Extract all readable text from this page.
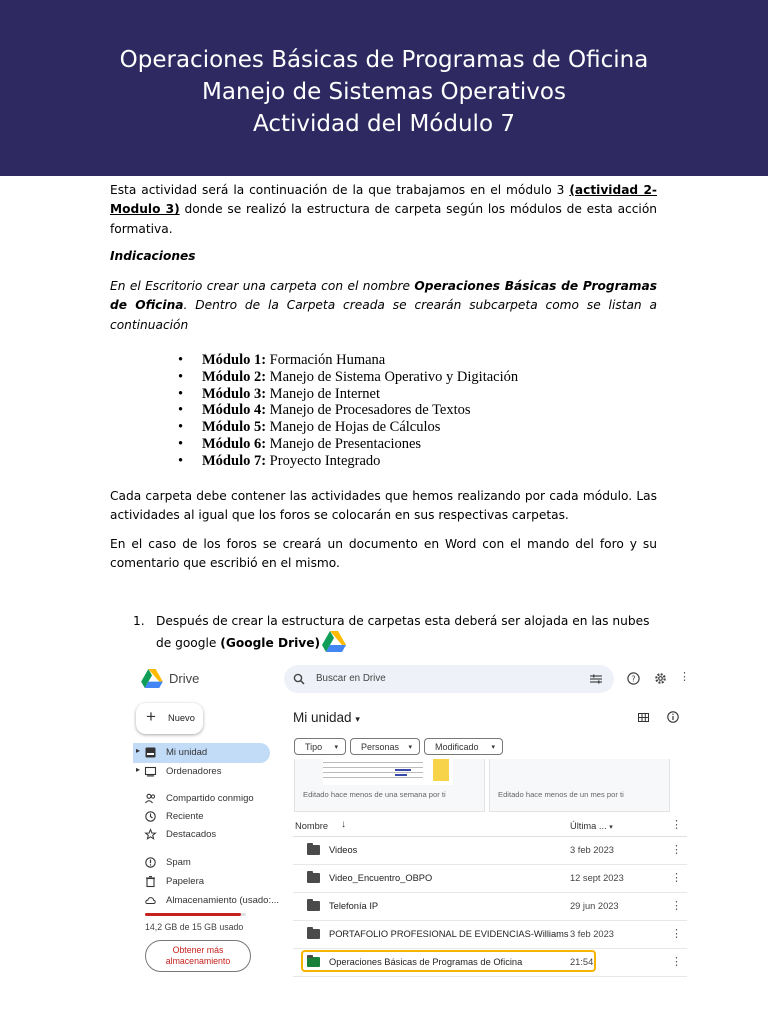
Operaciones Básicas de Programas de Oficina
Manejo de Sistemas Operativos
Actividad del Módulo 7
Esta actividad será la continuación de la que trabajamos en el módulo 3 (actividad 2-Modulo 3) donde se realizó la estructura de carpeta según los módulos de esta acción formativa.
Indicaciones
En el Escritorio crear una carpeta con el nombre Operaciones Básicas de Programas de Oficina. Dentro de la Carpeta creada se crearán subcarpeta como se listan a continuación
• Módulo 1: Formación Humana
• Módulo 2: Manejo de Sistema Operativo y Digitación
• Módulo 3: Manejo de Internet
• Módulo 4: Manejo de Procesadores de Textos
• Módulo 5: Manejo de Hojas de Cálculos
• Módulo 6: Manejo de Presentaciones
• Módulo 7: Proyecto Integrado
Cada carpeta debe contener las actividades que hemos realizando por cada módulo. Las actividades al igual que los foros se colocarán en sus respectivas carpetas.
En el caso de los foros se creará un documento en Word con el mando del foro y su comentario que escribió en el mismo.
1. Después de crear la estructura de carpetas esta deberá ser alojada en las nubes de google (Google Drive)
Drive	Buscar en Drive	?	⋮
+ Nuevo
▸	Mi unidad
▸	Ordenadores
Compartido conmigo
Reciente
Destacados
Spam
Papelera
Almacenamiento (usado:...
14,2 GB de 15 GB usado
Obtener más almacenamiento
Mi unidad ▾
Tipo ▾	Personas ▾	Modificado ▾
Editado hace menos de una semana por ti	Editado hace menos de un mes por ti
Nombre ↓	Última ... ▾	⋮
Videos	3 feb 2023	⋮
Video_Encuentro_OBPO	12 sept 2023	⋮
Telefonía IP	29 jun 2023	⋮
PORTAFOLIO PROFESIONAL DE EVIDENCIAS-Williams 3 feb 2023	⋮
Operaciones Básicas de Programas de Oficina	21:54	⋮
